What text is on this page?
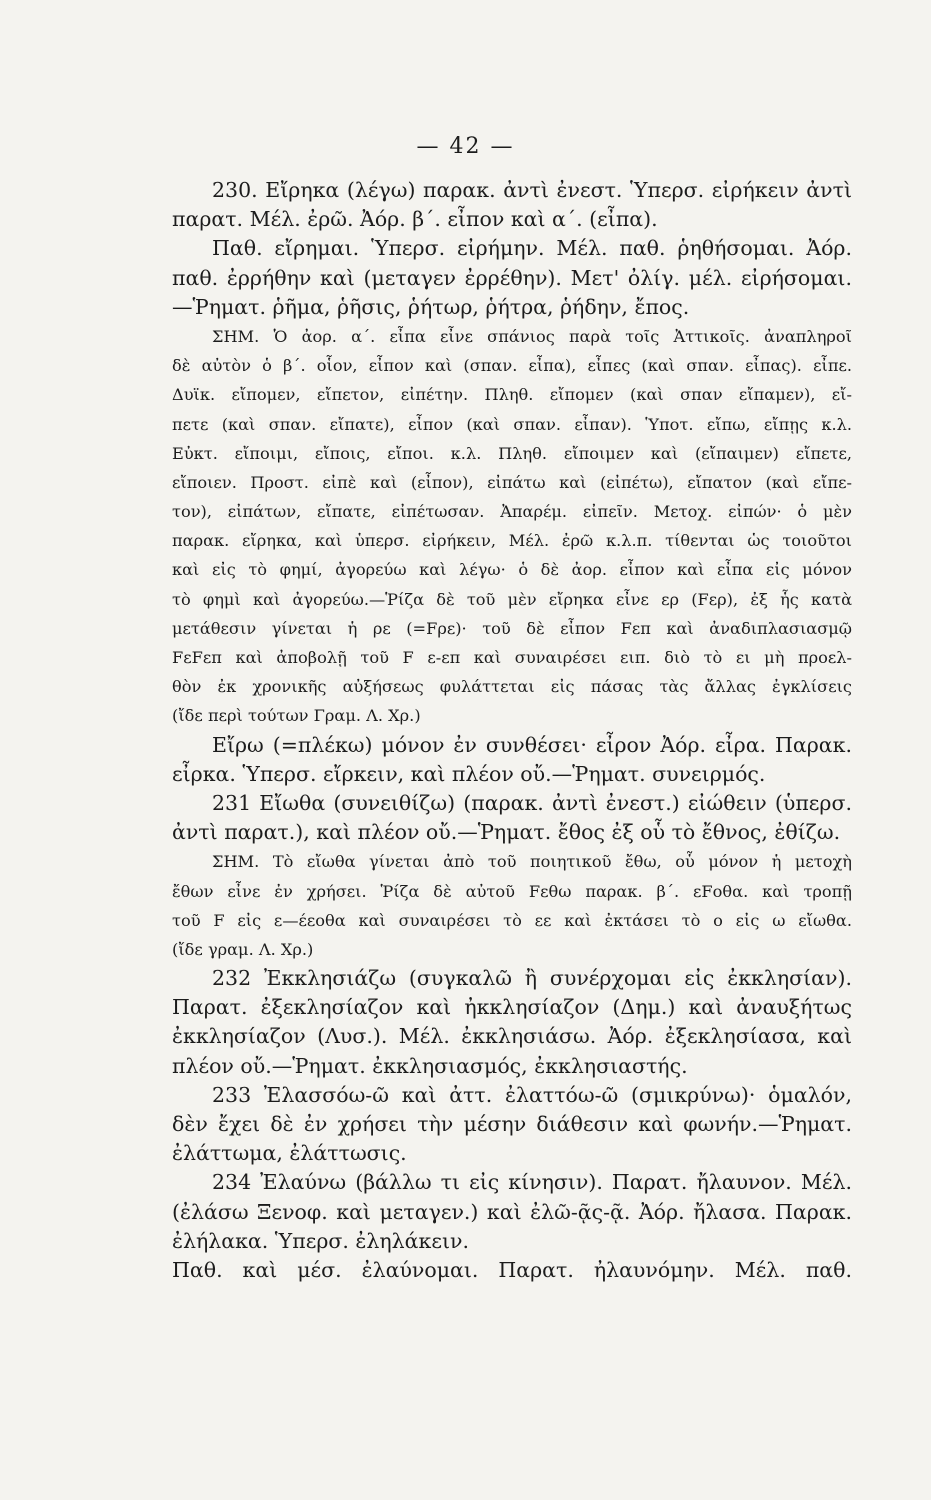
— 42 —
230. Εἴρηκα (λέγω) παρακ. ἀντὶ ἐνεστ. Ὑπερσ. εἰρήκειν ἀντὶ
παρατ. Μέλ. ἐρῶ. Ἀόρ. β΄. εἶπον καὶ α΄. (εἶπα).
Παθ. εἴρημαι. Ὑπερσ. εἰρήμην. Μέλ. παθ. ῥηθήσομαι. Ἀόρ.
παθ. ἐρρήθην καὶ (μεταγεν ἐρρέθην). Μετ' ὀλίγ. μέλ. εἰρήσομαι.
—Ῥηματ. ῥῆμα, ῥῆσις, ῥήτωρ, ῥήτρα, ῥήδην, ἔπος.
ΣΗΜ. Ὁ ἀορ. α΄. εἶπα εἶνε σπάνιος παρὰ τοῖς Ἀττικοῖς. ἀναπληροῖ
δὲ αὐτὸν ὁ β΄. οἷον, εἶπον καὶ (σπαν. εἶπα), εἶπες (καὶ σπαν. εἶπας). εἶπε.
Δυϊκ. εἴπομεν, εἴπετον, εἰπέτην. Πληθ. εἴπομεν (καὶ σπαν εἴπαμεν), εἴ-
πετε (καὶ σπαν. εἴπατε), εἶπον (καὶ σπαν. εἶπαν). Ὑποτ. εἴπω, εἴπῃς κ.λ.
Εὐκτ. εἴποιμι, εἴποις, εἴποι. κ.λ. Πληθ. εἴποιμεν καὶ (εἴπαιμεν) εἴπετε,
εἴποιεν. Προστ. εἰπὲ καὶ (εἶπον), εἰπάτω καὶ (εἰπέτω), εἴπατον (καὶ εἴπε-
τον), εἰπάτων, εἴπατε, εἰπέτωσαν. Ἀπαρέμ. εἰπεῖν. Μετοχ. εἰπών· ὁ μὲν
παρακ. εἴρηκα, καὶ ὑπερσ. εἰρήκειν, Μέλ. ἐρῶ κ.λ.π. τίθενται ὡς τοιοῦτοι
καὶ εἰς τὸ φημί, ἀγορεύω καὶ λέγω· ὁ δὲ ἀορ. εἶπον καὶ εἶπα εἰς μόνον
τὸ φημὶ καὶ ἀγορεύω.—Ῥίζα δὲ τοῦ μὲν εἴρηκα εἶνε ερ (Fερ), ἐξ ἧς κατὰ
μετάθεσιν γίνεται ἡ ρε (=Fρε)· τοῦ δὲ εἶπον Fεπ καὶ ἀναδιπλασιασμῷ
FεFεπ καὶ ἀποβολῇ τοῦ F ε-επ καὶ συναιρέσει ειπ. διὸ τὸ ει μὴ προελ-
θὸν ἐκ χρονικῆς αὐξήσεως φυλάττεται εἰς πάσας τὰς ἄλλας ἐγκλίσεις
(ἴδε περὶ τούτων Γραμ. Λ. Χρ.)
Εἴρω (=πλέκω) μόνον ἐν συνθέσει· εἶρον Ἀόρ. εἶρα. Παρακ.
εἶρκα. Ὑπερσ. εἴρκειν, καὶ πλέον οὔ.—Ῥηματ. συνειρμός.
231 Εἴωθα (συνειθίζω) (παρακ. ἀντὶ ἐνεστ.) εἰώθειν (ὑπερσ.
ἀντὶ παρατ.), καὶ πλέον οὔ.—Ῥηματ. ἔθος ἐξ οὗ τὸ ἔθνος, ἐθίζω.
ΣΗΜ. Τὸ εἴωθα γίνεται ἀπὸ τοῦ ποιητικοῦ ἔθω, οὗ μόνον ἡ μετοχὴ
ἔθων εἶνε ἐν χρήσει. Ῥίζα δὲ αὐτοῦ Fεθω παρακ. β΄. εFοθα. καὶ τροπῇ
τοῦ F εἰς ε—έεοθα καὶ συναιρέσει τὸ εε καὶ ἐκτάσει τὸ ο εἰς ω εἴωθα.
(ἴδε γραμ. Λ. Χρ.)
232 Ἐκκλησιάζω (συγκαλῶ ἢ συνέρχομαι εἰς ἐκκλησίαν).
Παρατ. ἐξεκλησίαζον καὶ ἠκκλησίαζον (Δημ.) καὶ ἀναυξήτως
ἐκκλησίαζον (Λυσ.). Μέλ. ἐκκλησιάσω. Ἀόρ. ἐξεκλησίασα, καὶ
πλέον οὔ.—Ῥηματ. ἐκκλησιασμός, ἐκκλησιαστής.
233 Ἐλασσόω-ῶ καὶ ἀττ. ἐλαττόω-ῶ (σμικρύνω)· ὁμαλόν,
δὲν ἔχει δὲ ἐν χρήσει τὴν μέσην διάθεσιν καὶ φωνήν.—Ῥηματ.
ἐλάττωμα, ἐλάττωσις.
234 Ἐλαύνω (βάλλω τι εἰς κίνησιν). Παρατ. ἤλαυνον. Μέλ.
(ἐλάσω Ξενοφ. καὶ μεταγεν.) καὶ ἐλῶ-ᾷς-ᾷ. Ἀόρ. ἤλασα. Παρακ.
ἐλήλακα. Ὑπερσ. ἐληλάκειν.
Παθ. καὶ μέσ. ἐλαύνομαι. Παρατ. ἠλαυνόμην. Μέλ. παθ.
